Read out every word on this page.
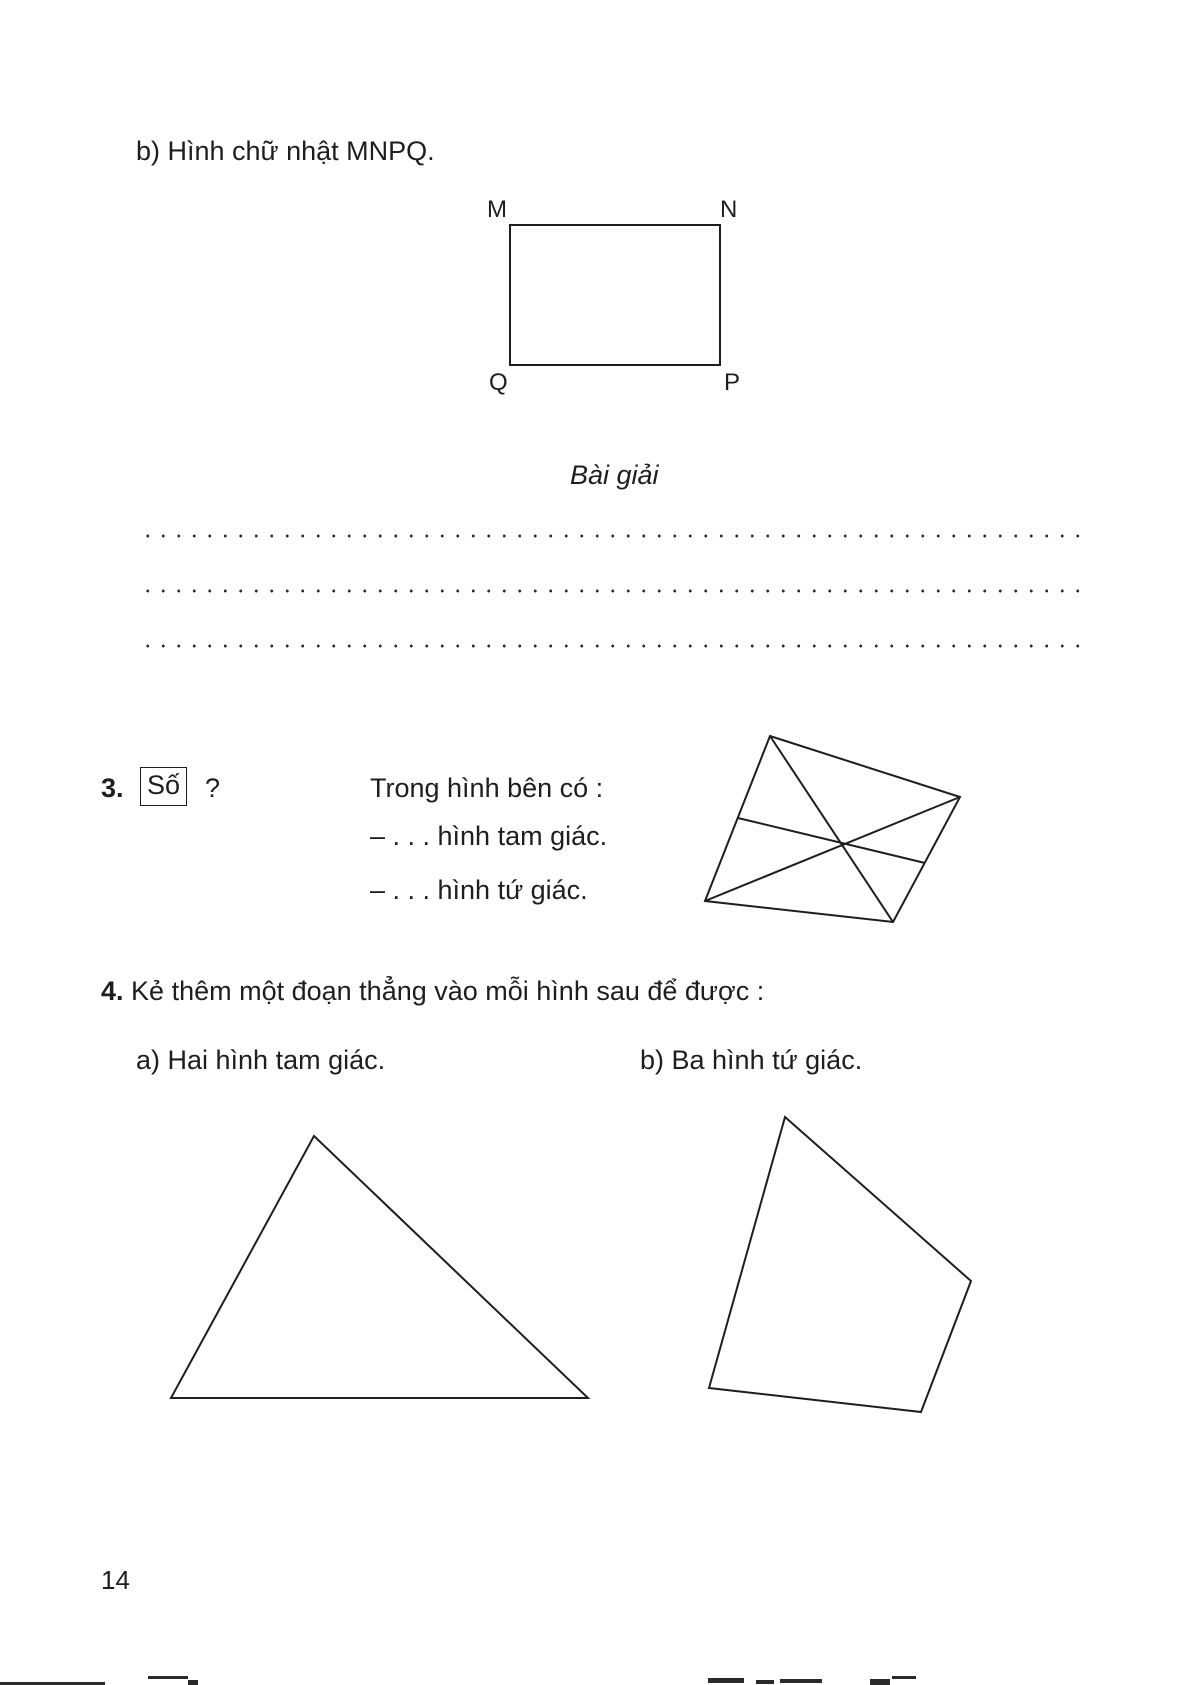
b) Hình chữ nhật MNPQ.
M	N
Q	P
Bài giải
3. Số ?	Trong hình bên có :
– . . . hình tam giác.
– . . . hình tứ giác.
4. Kẻ thêm một đoạn thẳng vào mỗi hình sau để được :
a) Hai hình tam giác.	b) Ba hình tứ giác.
14
